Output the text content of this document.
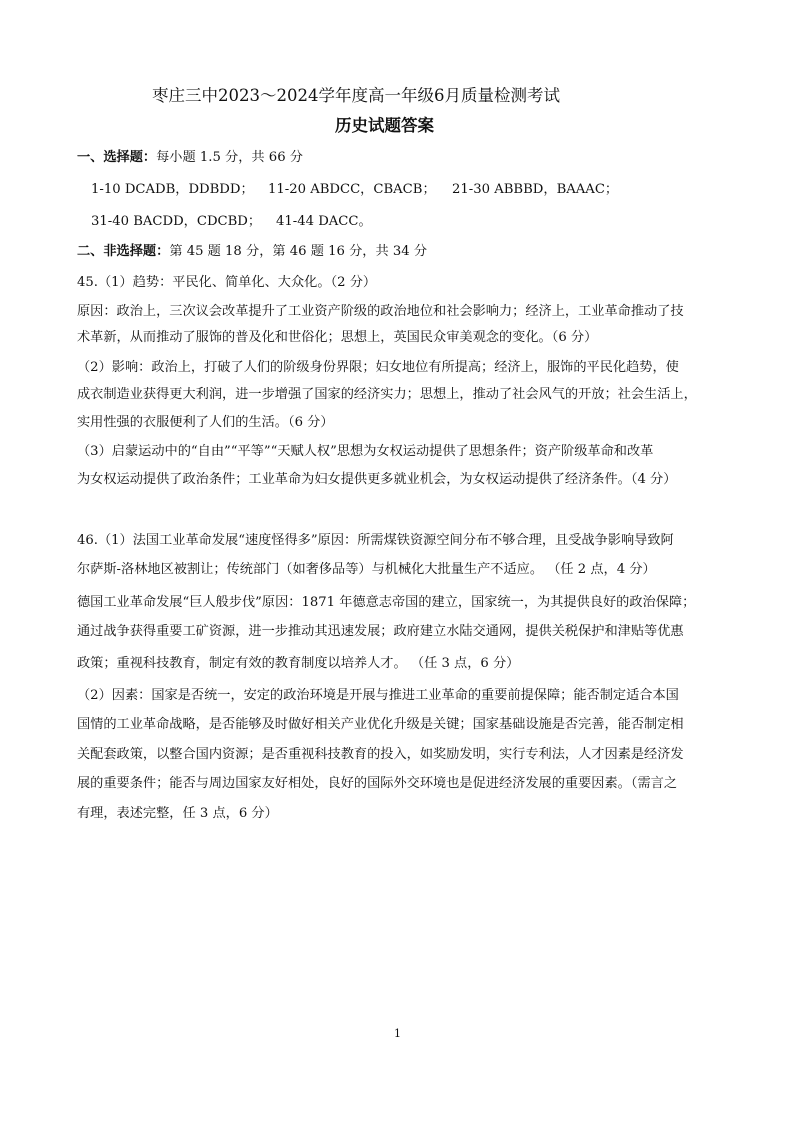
枣庄三中2023～2024学年度高一年级6月质量检测考试
历史试题答案
一、选择题：每小题 1.5 分，共 66 分
1-10 DCADB，DDBDD； 11-20 ABDCC，CBACB； 21-30 ABBBD，BAAAC；
31-40 BACDD，CDCBD； 41-44 DACC。
二、非选择题：第 45 题 18 分，第 46 题 16 分，共 34 分
45.（1）趋势：平民化、简单化、大众化。（2 分）
原因：政治上，三次议会改革提升了工业资产阶级的政治地位和社会影响力；经济上，工业革命推动了技
术革新，从而推动了服饰的普及化和世俗化；思想上，英国民众审美观念的变化。（6 分）
（2）影响：政治上，打破了人们的阶级身份界限；妇女地位有所提高；经济上，服饰的平民化趋势，使
成衣制造业获得更大利润，进一步增强了国家的经济实力；思想上，推动了社会风气的开放；社会生活上，
实用性强的衣服便利了人们的生活。（6 分）
（3）启蒙运动中的“自由”“平等”“天赋人权”思想为女权运动提供了思想条件；资产阶级革命和改革
为女权运动提供了政治条件；工业革命为妇女提供更多就业机会，为女权运动提供了经济条件。（4 分）
46.（1）法国工业革命发展“速度怪得多”原因：所需煤铁资源空间分布不够合理，且受战争影响导致阿
尔萨斯-洛林地区被割让；传统部门（如奢侈品等）与机械化大批量生产不适应。 （任 2 点，4 分）
德国工业革命发展“巨人般步伐”原因：1871 年德意志帝国的建立，国家统一，为其提供良好的政治保障；
通过战争获得重要工矿资源，进一步推动其迅速发展；政府建立水陆交通网，提供关税保护和津贴等优惠
政策；重视科技教育，制定有效的教育制度以培养人才。 （任 3 点，6 分）
（2）因素：国家是否统一，安定的政治环境是开展与推进工业革命的重要前提保障；能否制定适合本国
国情的工业革命战略，是否能够及时做好相关产业优化升级是关键；国家基础设施是否完善，能否制定相
关配套政策，以整合国内资源；是否重视科技教育的投入，如奖励发明，实行专利法，人才因素是经济发
展的重要条件；能否与周边国家友好相处，良好的国际外交环境也是促进经济发展的重要因素。（需言之
有理，表述完整，任 3 点，6 分）
1
